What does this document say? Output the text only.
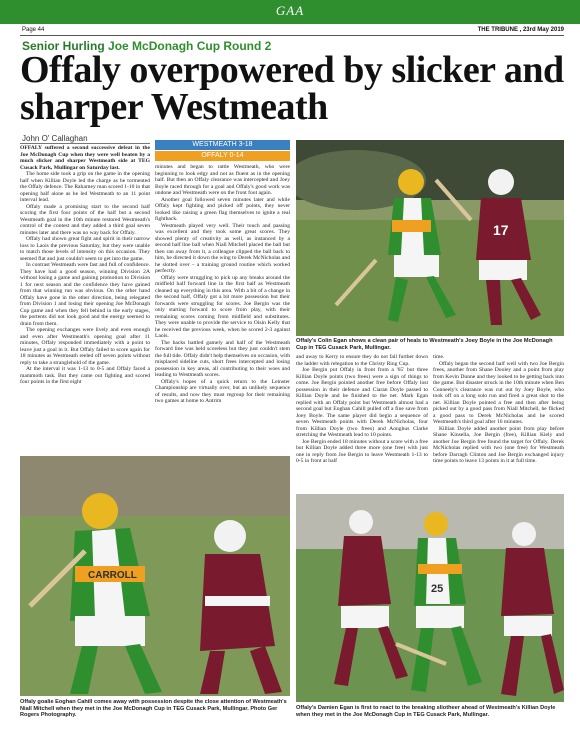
GAA
Page 44	THE TRIBUNE , 23rd May 2019
Senior Hurling Joe McDonagh Cup Round 2
Offaly overpowered by slicker and sharper Westmeath
John O' Callaghan
WESTMEATH 3-18
OFFALY 0-14

OFFALY suffered a second successive defeat in the Joe McDonagh Cup when they were well beaten by a much slicker and sharper Westmeath side at TEG Cusack Park, Mullingar on Saturday last.

The home side took a grip on the game in the opening half when Killian Doyle led the charge as he tormented the Offaly defence. The Raharney man scored 1-10 in that opening half alone as he led Westmeath to an 11 point interval lead.

Offaly made a promising start to the second half scoring the first four points of the half but a second Westmeath goal in the 10th minute restored Westmeath's control of the contest and they added a third goal seven minutes later and there was no way back for Offaly.

Offaly had shown great fight and spirit in their narrow loss to Laois the previous Saturday, but they were unable to match those levels of intensity on this occasion. They seemed flat and just couldn't seem to get into the game.

In contrast Westmeath were fast and full of confidence. They have had a good season, winning Division 2A without losing a game and gaining promotion to Division 1 for next season and the confidence they have gained from that winning run was obvious. On the other hand Offaly have gone in the other direction, being relegated from Division 1 and losing their opening Joe McDonagh Cup game and when they fell behind in the early stages, the portents did not look good and the energy seemed to drain from them.

The opening exchanges were lively and even enough and even after Westmeath's opening goal after 11 minutes, Offaly responded immediately with a point to leave just a goal in it. But Offaly failed to score again for 18 minutes as Westmeath reeled off seven points without reply to take a stranglehold of the game.

At the interval it was 1-13 to 0-5 and Offaly faced a mammoth task. But they came out fighting and scored four points in the first eight

minutes and began to rattle Westmeath, who were beginning to look edgy and not as fluent as in the opening half. But then an Offaly clearance was intercepted and Joey Boyle raced through for a goal and Offaly's good work was undone and Westmeath were on the front foot again.

Another goal followed seven minutes later and while Offaly kept fighting and picked off points, they never looked like raising a green flag themselves to ignite a real fightback.

Westmeath played very well. Their touch and passing was excellent and they took some great scores. They showed plenty of creativity as well, as instanced by a second half line ball when Niall Mitchell placed the ball but then ran away from it, a colleague clipped the ball back to him, he directed it down the wing to Derek McNicholas and he slotted over – a training ground routine which worked perfectly.

Offaly were struggling to pick up any breaks around the midfield half forward line in the first half as Westmeath cleaned up everything in this area. With a bit of a change in the second half, Offaly got a bit more possession but their forwards were struggling for scores. Joe Bergin was the only starting forward to score from play, with their remaining scores coming from midfield and substitutes. They were unable to provide the service to Oisin Kelly that he received the previous week, when he scored 2-3 against Laois.

The backs battled gamely and half of the Westmeath forward line was held scoreless but they just couldn't stem the full tide. Offaly didn't help themselves on occasion, with misplaced sideline cuts, short frees intercepted and losing possession in key areas, all contributing to their woes and leading to Westmeath scores.

Offaly's hopes of a quick return to the Leinster Championship are virtually over, but an unlikely sequence of results, and now they must regroup for their remaining two games at home to Antrim

17
Offaly's Colin Egan shows a clean pair of heals to Westmeath's Joey Boyle in the Joe McDonagh Cup in TEG Cusack Park, Mullingar.

and away to Kerry to ensure they do not fall further down the ladder with relegation to the Christy Ring Cup.

Joe Bergin put Offaly in front from a '65' but three Killian Doyle points (two frees) were a sign of things to come. Joe Bergin pointed another free before Offaly lost possession in their defence and Ciaran Doyle passed to Killian Doyle and he finished to the net. Mark Egan replied with an Offaly point but Westmeath almost had a second goal but Eoghan Cahill pulled off a fine save from Joey Boyle. The same player did begin a sequence of seven Westmeath points with Derek McNicholas, four from Killian Doyle (two frees) and Aonghus Clarke stretching the Westmeath lead to 10 points.

Joe Bergin ended 18 minutes without a score with a free but Killian Doyle added three more (one free) with just one in reply from Joe Bergin to leave Westmeath 1-13 to 0-5 in front at half

time.

Offaly began the second half well with two Joe Bergin frees, another from Shane Dooley and a point from play from Kevin Dunne and they looked to be getting back into the game. But disaster struck in the 10th minute when Ben Conneely's clearance was cut out by Joey Boyle, who took off on a long solo run and fired a great shot to the net. Killian Doyle pointed a free and then after being picked out by a good pass from Niall Mitchell, he flicked a good pass to Derek McNicholas and he scored Westmeath's third goal after 16 minutes.

Killian Doyle added another point from play before Shane Kinsella, Joe Bergin (free), Killian Kiely and another Joe Bergin free found the target for Offaly. Derek McNicholas replied with two (one free) for Westmeath before Darragh Clinton and Joe Bergin exchanged injury time points to leave 13 points in it at full time.

CARROLL
Offaly goalie Eoghan Cahill comes away with possession despite the close attention of Westmeath's Niall Mitchell when they met in the Joe McDonagh Cup in TEG Cusack Park, Mullingar. Photo Ger Rogers Photography.
25
Offaly's Damien Egan is first to react to the breaking sliotheer ahead of Westmeath's Killian Doyle when they met in the Joe McDonagh Cup in TEG Cusack Park, Mullingar.
